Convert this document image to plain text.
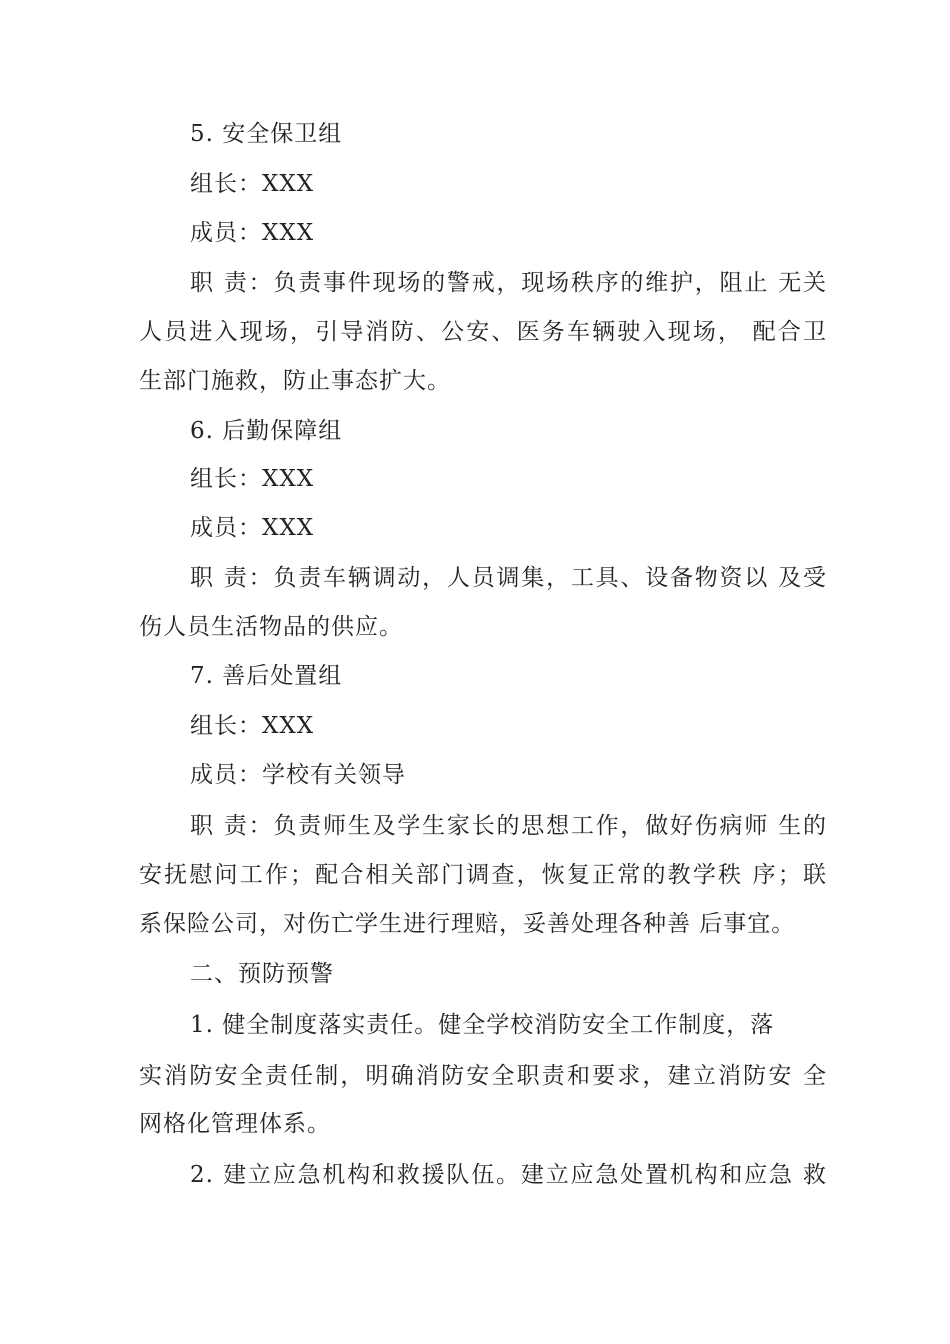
5. 安全保卫组
组长：XXX
成员：XXX
职 责：负责事件现场的警戒，现场秩序的维护，阻止 无关
人员进入现场，引导消防、公安、医务车辆驶入现场， 配合卫
生部门施救，防止事态扩大。
6. 后勤保障组
组长：XXX
成员：XXX
职 责：负责车辆调动，人员调集，工具、设备物资以 及受
伤人员生活物品的供应。
7. 善后处置组
组长：XXX
成员：学校有关领导
职 责：负责师生及学生家长的思想工作，做好伤病师 生的
安抚慰问工作；配合相关部门调查，恢复正常的教学秩 序；联
系保险公司，对伤亡学生进行理赔，妥善处理各种善 后事宜。
二、预防预警
1. 健全制度落实责任。健全学校消防安全工作制度，落
实消防安全责任制，明确消防安全职责和要求，建立消防安 全
网格化管理体系。
2. 建立应急机构和救援队伍。建立应急处置机构和应急 救
